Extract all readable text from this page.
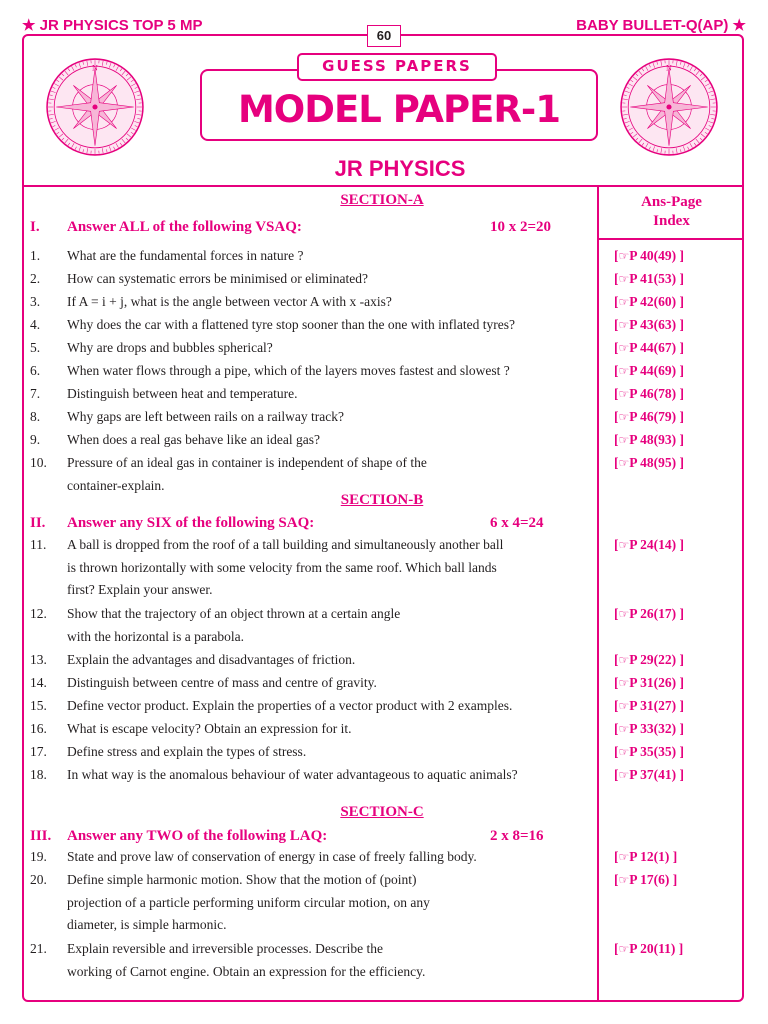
★ JR PHYSICS TOP 5 MP	BABY BULLET-Q(AP) ★
60
N	N
GUESS PAPERS
MODEL PAPER-1
JR PHYSICS
Ans-Page
Index
SECTION-A
I. Answer ALL of the following VSAQ:	10 x 2=20
1. What are the fundamental forces in nature ?	[☞P 40(49) ]
2. How can systematic errors be minimised or eliminated?	[☞P 41(53) ]
3. If A = i + j, what is the angle between vector A with x -axis?	[☞P 42(60) ]
4. Why does the car with a flattened tyre stop sooner than the one with inflated tyres?	[☞P 43(63) ]
5. Why are drops and bubbles spherical?	[☞P 44(67) ]
6. When water flows through a pipe, which of the layers moves fastest and slowest ?	[☞P 44(69) ]
7. Distinguish between heat and temperature.	[☞P 46(78) ]
8. Why gaps are left between rails on a railway track?	[☞P 46(79) ]
9. When does a real gas behave like an ideal gas?	[☞P 48(93) ]
10. Pressure of an ideal gas in container is independent of shape of the
container-explain.
[☞P 48(95) ]
SECTION-B
II. Answer any SIX of the following SAQ:	6 x 4=24
11. A ball is dropped from the roof of a tall building and simultaneously another ball
is thrown horizontally with some velocity from the same roof. Which ball lands
first? Explain your answer.
[☞P 24(14) ]
12. Show that the trajectory of an object thrown at a certain angle
with the horizontal is a parabola.
[☞P 26(17) ]
13. Explain the advantages and disadvantages of friction.	[☞P 29(22) ]
14. Distinguish between centre of mass and centre of gravity.	[☞P 31(26) ]
15. Define vector product. Explain the properties of a vector product with 2 examples.	[☞P 31(27) ]
16. What is escape velocity? Obtain an expression for it.	[☞P 33(32) ]
17. Define stress and explain the types of stress.	[☞P 35(35) ]
18. In what way is the anomalous behaviour of water advantageous to aquatic animals?	[☞P 37(41) ]
SECTION-C
III. Answer any TWO of the following LAQ:	2 x 8=16
19. State and prove law of conservation of energy in case of freely falling body.	[☞P 12(1) ]
20. Define simple harmonic motion. Show that the motion of (point)
projection of a particle performing uniform circular motion, on any
diameter, is simple harmonic.
[☞P 17(6) ]
21. Explain reversible and irreversible processes. Describe the
working of Carnot engine. Obtain an expression for the efficiency.
[☞P 20(11) ]
